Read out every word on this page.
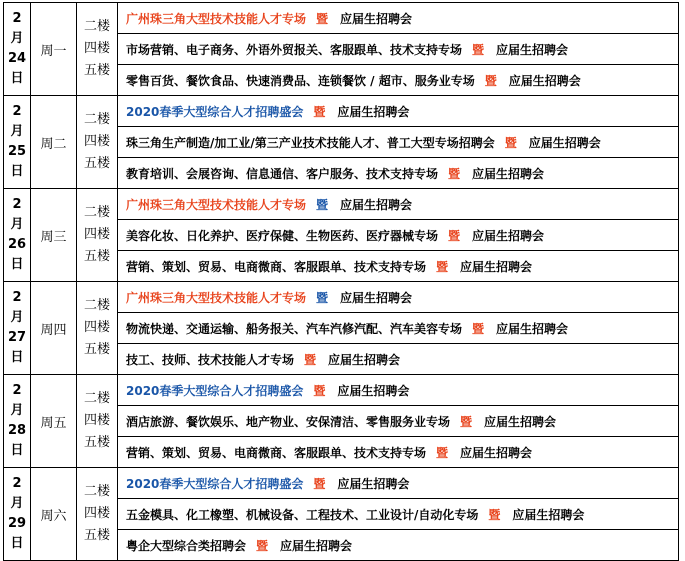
2
月
24
日	周一	二楼
四楼
五楼	广州珠三角大型技术技能人才专场 暨 应届生招聘会
			市场营销、电子商务、外语外贸报关、客服跟单、技术支持专场 暨 应届生招聘会
			零售百货、餐饮食品、快速消费品、连锁餐饮 / 超市、服务业专场 暨 应届生招聘会

2
月
25
日	周二	二楼
四楼
五楼	2020春季大型综合人才招聘盛会 暨 应届生招聘会
			珠三角生产制造/加工业/第三产业技术技能人才、普工大型专场招聘会 暨 应届生招聘会
			教育培训、会展咨询、信息通信、客户服务、技术支持专场 暨 应届生招聘会

2
月
26
日	周三	二楼
四楼
五楼	广州珠三角大型技术技能人才专场 暨 应届生招聘会
			美容化妆、日化养护、医疗保健、生物医药、医疗器械专场 暨 应届生招聘会
			营销、策划、贸易、电商微商、客服跟单、技术支持专场 暨 应届生招聘会

2
月
27
日	周四	二楼
四楼
五楼	广州珠三角大型技术技能人才专场 暨 应届生招聘会
			物流快递、交通运输、船务报关、汽车汽修汽配、汽车美容专场 暨 应届生招聘会
			技工、技师、技术技能人才专场 暨 应届生招聘会

2
月
28
日	周五	二楼
四楼
五楼	2020春季大型综合人才招聘盛会 暨 应届生招聘会
			酒店旅游、餐饮娱乐、地产物业、安保清洁、零售服务业专场 暨 应届生招聘会
			营销、策划、贸易、电商微商、客服跟单、技术支持专场 暨 应届生招聘会

2
月
29
日	周六	二楼
四楼
五楼	2020春季大型综合人才招聘盛会 暨 应届生招聘会
			五金模具、化工橡塑、机械设备、工程技术、工业设计/自动化专场 暨 应届生招聘会
			粤企大型综合类招聘会 暨 应届生招聘会
